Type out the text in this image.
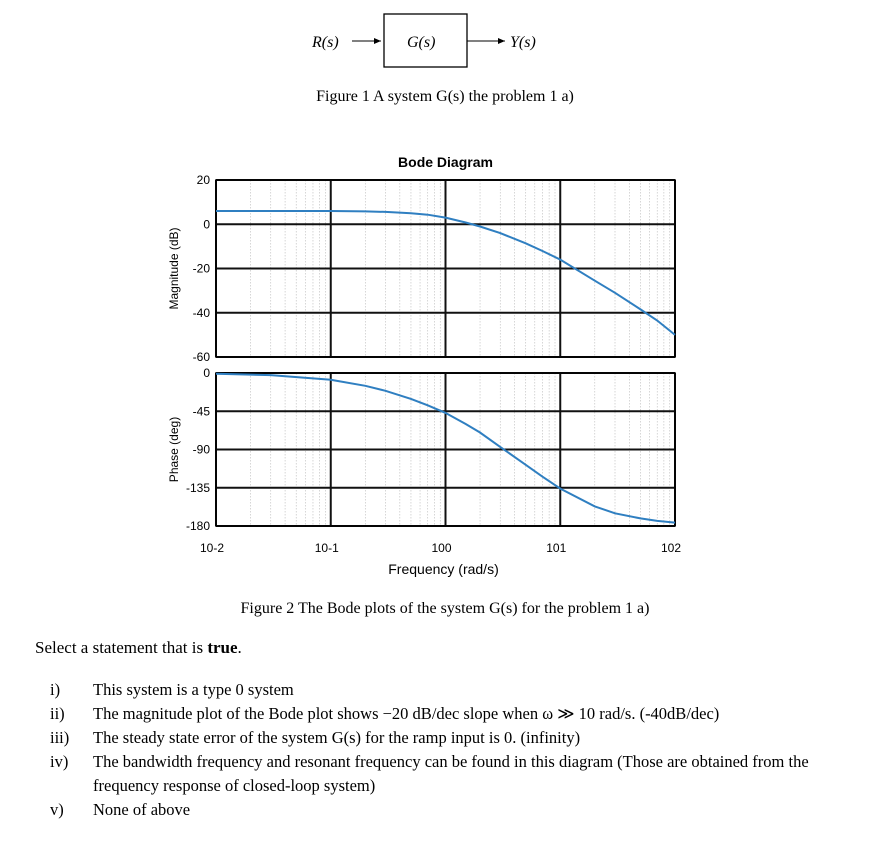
R(s)	G(s)	Y(s)
Figure 1 A system G(s) the problem 1 a)
Bode Diagram
20
0
-20
-40
-60
Magnitude (dB)
0
-45
-90
-135
-180
Phase (deg)
10-2	10-1	100	101	102
Frequency (rad/s)
Figure 2 The Bode plots of the system G(s) for the problem 1 a)
Select a statement that is true.
i)	This system is a type 0 system
ii)	The magnitude plot of the Bode plot shows −20 dB/dec slope when ω ≫ 10 rad/s. (-40dB/dec)
iii)	The steady state error of the system G(s) for the ramp input is 0. (infinity)
iv)	The bandwidth frequency and resonant frequency can be found in this diagram (Those are obtained from the frequency response of closed-loop system)
v)	None of above
